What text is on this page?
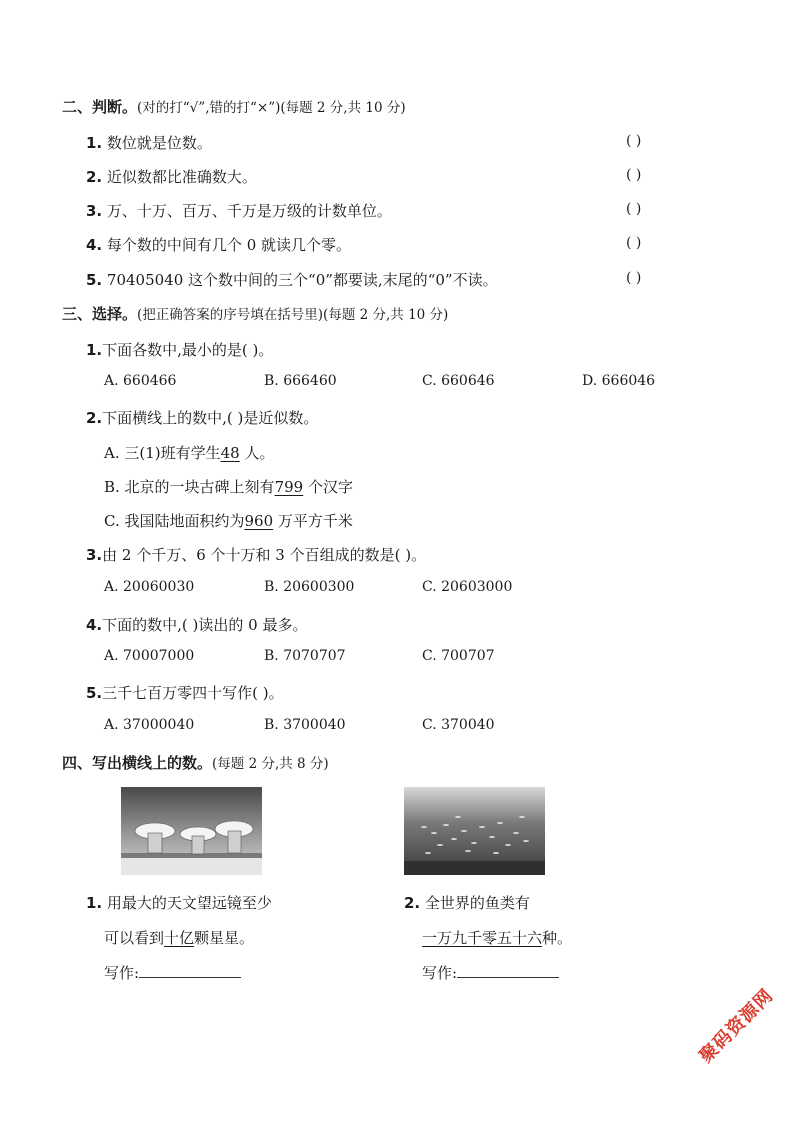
二、判断。(对的打“√”,错的打“×”)(每题 2 分,共 10 分)
1. 数位就是位数。	( )
2. 近似数都比准确数大。	( )
3. 万、十万、百万、千万是万级的计数单位。	( )
4. 每个数的中间有几个 0 就读几个零。	( )
5. 70405040 这个数中间的三个“0”都要读,末尾的“0”不读。	( )
三、选择。(把正确答案的序号填在括号里)(每题 2 分,共 10 分)
1.下面各数中,最小的是( )。
A. 660466	B. 666460	C. 660646	D. 666046
2.下面横线上的数中,( )是近似数。
A. 三(1)班有学生48 人。
B. 北京的一块古碑上刻有799 个汉字
C. 我国陆地面积约为960 万平方千米
3.由 2 个千万、6 个十万和 3 个百组成的数是( )。
A. 20060030	B. 20600300	C. 20603000
4.下面的数中,( )读出的 0 最多。
A. 70007000	B. 7070707	C. 700707
5.三千七百万零四十写作( )。
A. 37000040	B. 3700040	C. 370040
四、写出横线上的数。(每题 2 分,共 8 分)
1. 用最大的天文望远镜至少
可以看到十亿颗星星。
写作:
2. 全世界的鱼类有
一万九千零五十六种。
写作:
聚码资源网
